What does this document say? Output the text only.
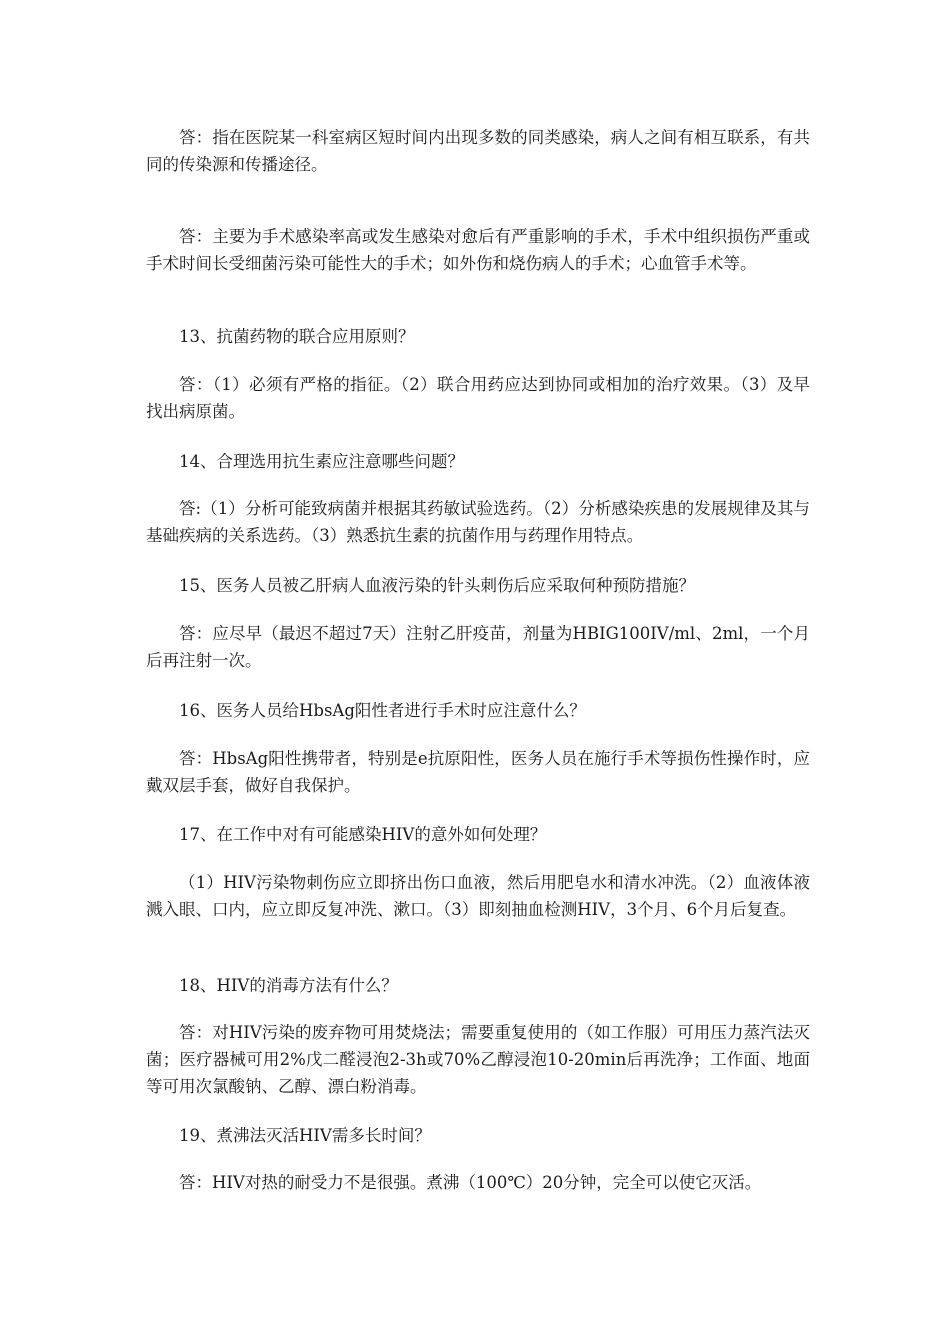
答：指在医院某一科室病区短时间内出现多数的同类感染，病人之间有相互联系，有共同的传染源和传播途径。

答：主要为手术感染率高或发生感染对愈后有严重影响的手术，手术中组织损伤严重或手术时间长受细菌污染可能性大的手术；如外伤和烧伤病人的手术；心血管手术等。

13、抗菌药物的联合应用原则？

答：（1）必须有严格的指征。（2）联合用药应达到协同或相加的治疗效果。（3）及早找出病原菌。

14、合理选用抗生素应注意哪些问题？

答:（1）分析可能致病菌并根据其药敏试验选药。（2）分析感染疾患的发展规律及其与基础疾病的关系选药。（3）熟悉抗生素的抗菌作用与药理作用特点。

15、医务人员被乙肝病人血液污染的针头刺伤后应采取何种预防措施？

答：应尽早（最迟不超过7天）注射乙肝疫苗，剂量为HBIG100IV/ml、2ml，一个月后再注射一次。

16、医务人员给HbsAg阳性者进行手术时应注意什么？

答：HbsAg阳性携带者，特别是e抗原阳性，医务人员在施行手术等损伤性操作时，应戴双层手套，做好自我保护。

17、在工作中对有可能感染HIV的意外如何处理？

（1）HIV污染物刺伤应立即挤出伤口血液，然后用肥皂水和清水冲洗。（2）血液体液溅入眼、口内，应立即反复冲洗、漱口。（3）即刻抽血检测HIV，3个月、6个月后复查。

18、HIV的消毒方法有什么？

答：对HIV污染的废弃物可用焚烧法；需要重复使用的（如工作服）可用压力蒸汽法灭菌；医疗器械可用2%戊二醛浸泡2-3h或70%乙醇浸泡10-20min后再洗净；工作面、地面等可用次氯酸钠、乙醇、漂白粉消毒。

19、煮沸法灭活HIV需多长时间？

答：HIV对热的耐受力不是很强。煮沸（100℃）20分钟，完全可以使它灭活。
